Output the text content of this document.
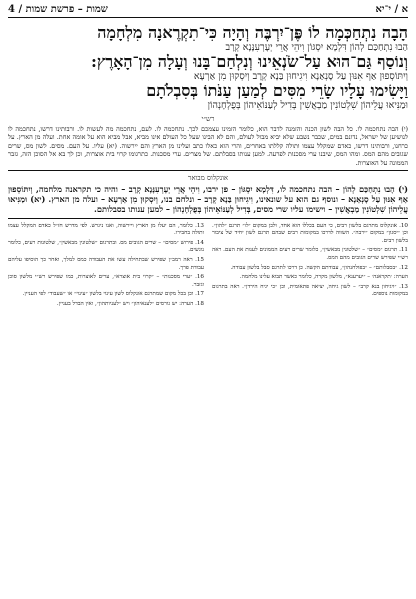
4 / שמות – פרשת שמות	א / י־יא
הָבָה נִתְחַכְּמָה לוֹ פֶּן־יִרְבֶּה וְהָיָה כִּי־תִקְרֶאנָה מִלְחָמָה
הַבוּ נִתְחַכַּם לְהוֹן דִּלְמָא יִסְגּוֹן וִיהֵי אֲרֵי יְעָרְעִנָּנָא קְרָב
וְנוֹסַף גַּם־הוּא עַל־שֹׂנְאֵינוּ וְנִלְחַם־בָּנוּ וְעָלָה מִן־הָאָרֶץ:
וְיִתּוֹסְפוּן אַף אִנּוּן עַל סָנְאַנָא וִיגִיחוּן בַּנָא קְרָב וְיִסְקוּן מִן אַרְעָא
וַיָּשִׂימוּ עָלָיו שָׂרֵי מִסִּים לְמַעַן עַנֹּתוֹ בְּסִבְלֹתָם
וּמַנִּיאוּ עֲלֵיהוֹן שִׁלְטוֹנִין מַבְאֲשִׁין בְּדִיל לְעַנּוֹאֵיהוֹן בְּפֻלְחָנְהוֹן
רש״י
(י) הבה נתחכמה לו. כל הבה לשון הכנה והזמנה לדבר הוא, כלומר הזמינו עצמכם לכך. נתחכמה לו. לעם, נתחכמה מה לעשות לו. ורבותינו דרשו, נתחכמה לו לנושיען של ישראל, נדונם במים, שכבר נשבע שלא יביא מבול לעולם, והם לא הבינו שעל כל העולם אינו מביא, אבל מביא הוא על אומה אחת. ועלה מן הארץ. על כרחנו, ורבותינו דרשו, כאדם שמקלל עצמו ותולה קללתו באחרים, והרי הוא כאלו כתב ועלינו מן הארץ והם יירשוה. (יא) עליו. על העם. מסים. לשון מס, שרים שגובים מהם המס. ומהו המס, שיבנו ערי מסכנות לפרעה. למען ענותו בסבלתם. של מצרים. ערי מסכנות. כתרגומו קרוי בית אוצרות, וכן לך בא אל הסוכן הזה, גזבר הממונה על האוצרות.
אונקלוס מבואר
(י) הָבוּ נִתְחַכַּם לְהוֹן – הבה נתחכמה לו, דִּלְמָא יִסְגּוֹן – פן ירבו, וִיהֵי אֲרֵי יְעָרְעִנָּנָא קְרָב – והיה כי תקראנה מלחמה, וְיִתּוֹסְפוּן אַף אִנּוּן עַל סָנְאַנָא – ונוסף גם הוא על שונאינו, וִיגִיחוּן בַּנָא קְרָב – ונלחם בנו, וְיִסְקוּן מִן אַרְעָא – ועלה מן הארץ. (יא) וּמַנִּיאוּ עֲלֵיהוֹן שִׁלְטוֹנִין מַבְאֲשִׁין – וישימו עליו שרי מסים, בְּדִיל לְעַנּוֹאֵיהוֹן בְּפֻלְחָנְהוֹן – למען ענותו בסבלותם.

10. אונקלוס מתרגם בלשון רבים, כי העם בכללו הוא אחד, ולכן במקום ״לו״ תרגם ״להון״. וכן ״יסגון״ במקום ״ירבה״. השווה לדרכו במקומות רבים שבהם תרגם לשון יחיד של ציבור בלשון רבים.

11. תרגום ״מסים״ – ״שלטונין מבאשין״, כלומר שרים רעים הממונים לענות את העם. ראה רש״י שפירש שרים הגובים מהם המס.

12. ״בסבלותם״ – ״בפולחנהון״, עבודתם הקשה. כן דרכו לתרגם סבל בלשון עבודה.

הערה: ׳תקראנה׳ – ״יערענא״, מלשון מקרה, כלומר כאשר תבוא עלינו מלחמה.

13. ״ויגיחון בנא קרב״ – לשון גיחה, יציאה פתאומית, וכן ״כי יגיח הירדן״. ראה בתרגום במקומות נוספים.

13. כלומר, הם יעלו מן הארץ ויירשוה, ואנו ניגרש. לפי מדרש חז״ל כאדם המקלל עצמו ותולה בחבירו.

14. פירוש ״מסים״ – שרים הגובים מס. ובתרגום ״שלטונין מבאשין״, שלטונות רעים, כלומר נוגשים.

15. ראה רמב״ן שפירש שבתחילה עשו את העבודה כמס למלך, ואחר כך הוסיפו עליהם עבודת פרך.

16. ״ערי מסכנות״ – ״קרוי בית אוצרא״, ערים לאוצרות, כמו שפירש רש״י מלשון סוכן וגזבר.

17. וכן בכל מקום שמתרגם אונקלוס לשון עינוי בלשון ״עינוי״ או ״שעבוד״ לפי העניין.

18. הערה: יש גורסים ״לענאיהון״ ויש ״לעניותהון״, ואין הבדל בעניין.
